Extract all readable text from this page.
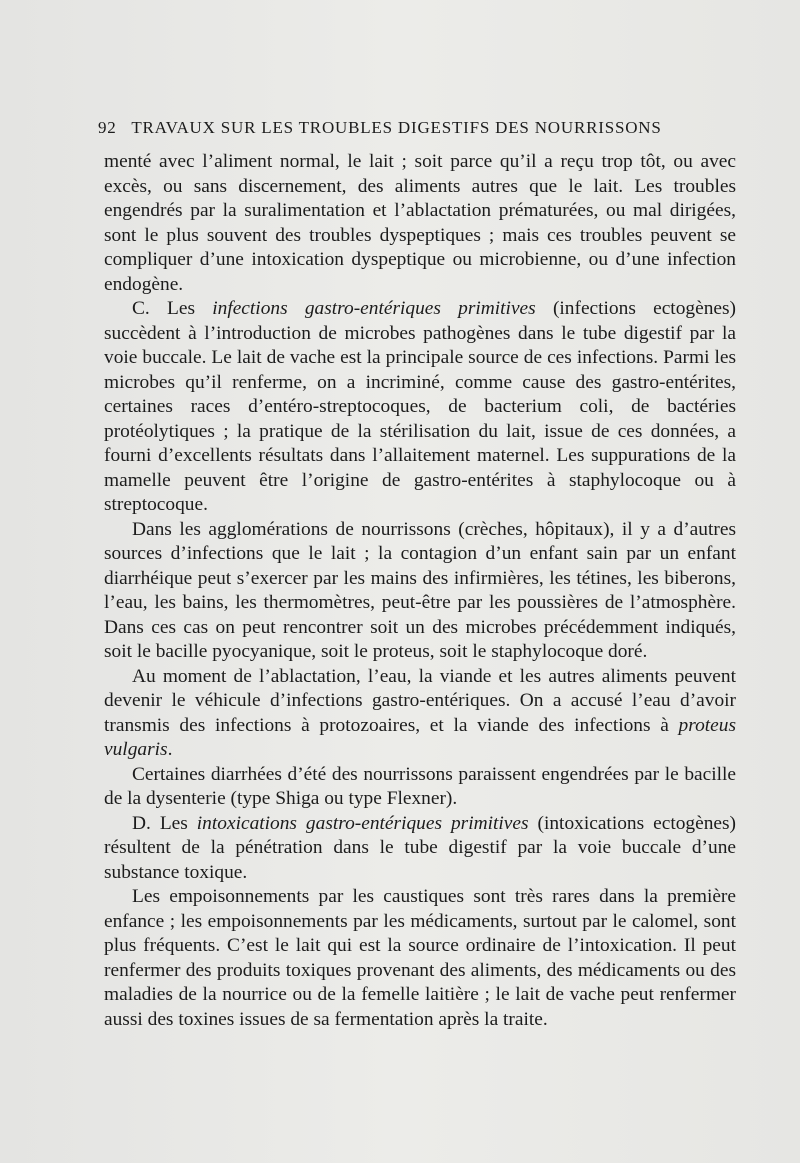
92 TRAVAUX SUR LES TROUBLES DIGESTIFS DES NOURRISSONS

menté avec l’aliment normal, le lait ; soit parce qu’il a reçu trop tôt, ou avec excès, ou sans discernement, des aliments autres que le lait. Les troubles engendrés par la suralimentation et l’ablactation prématurées, ou mal dirigées, sont le plus souvent des troubles dyspeptiques ; mais ces troubles peuvent se compliquer d’une intoxication dyspeptique ou microbienne, ou d’une infection endogène.

C. Les infections gastro-entériques primitives (infections ectogènes) succèdent à l’introduction de microbes pathogènes dans le tube digestif par la voie buccale. Le lait de vache est la principale source de ces infections. Parmi les microbes qu’il renferme, on a incriminé, comme cause des gastro-entérites, certaines races d’entéro-streptocoques, de bacterium coli, de bactéries protéolytiques ; la pratique de la stérilisation du lait, issue de ces données, a fourni d’excellents résultats dans l’allaitement maternel. Les suppurations de la mamelle peuvent être l’origine de gastro-entérites à staphylocoque ou à streptocoque.

Dans les agglomérations de nourrissons (crèches, hôpitaux), il y a d’autres sources d’infections que le lait ; la contagion d’un enfant sain par un enfant diarrhéique peut s’exercer par les mains des infirmières, les tétines, les biberons, l’eau, les bains, les thermomètres, peut-être par les poussières de l’atmosphère. Dans ces cas on peut rencontrer soit un des microbes précédemment indiqués, soit le bacille pyocyanique, soit le proteus, soit le staphylocoque doré.

Au moment de l’ablactation, l’eau, la viande et les autres aliments peuvent devenir le véhicule d’infections gastro-entériques. On a accusé l’eau d’avoir transmis des infections à protozoaires, et la viande des infections à proteus vulgaris.

Certaines diarrhées d’été des nourrissons paraissent engendrées par le bacille de la dysenterie (type Shiga ou type Flexner).

D. Les intoxications gastro-entériques primitives (intoxications ectogènes) résultent de la pénétration dans le tube digestif par la voie buccale d’une substance toxique.

Les empoisonnements par les caustiques sont très rares dans la première enfance ; les empoisonnements par les médicaments, surtout par le calomel, sont plus fréquents. C’est le lait qui est la source ordinaire de l’intoxication. Il peut renfermer des produits toxiques provenant des aliments, des médicaments ou des maladies de la nourrice ou de la femelle laitière ; le lait de vache peut renfermer aussi des toxines issues de sa fermentation après la traite.
